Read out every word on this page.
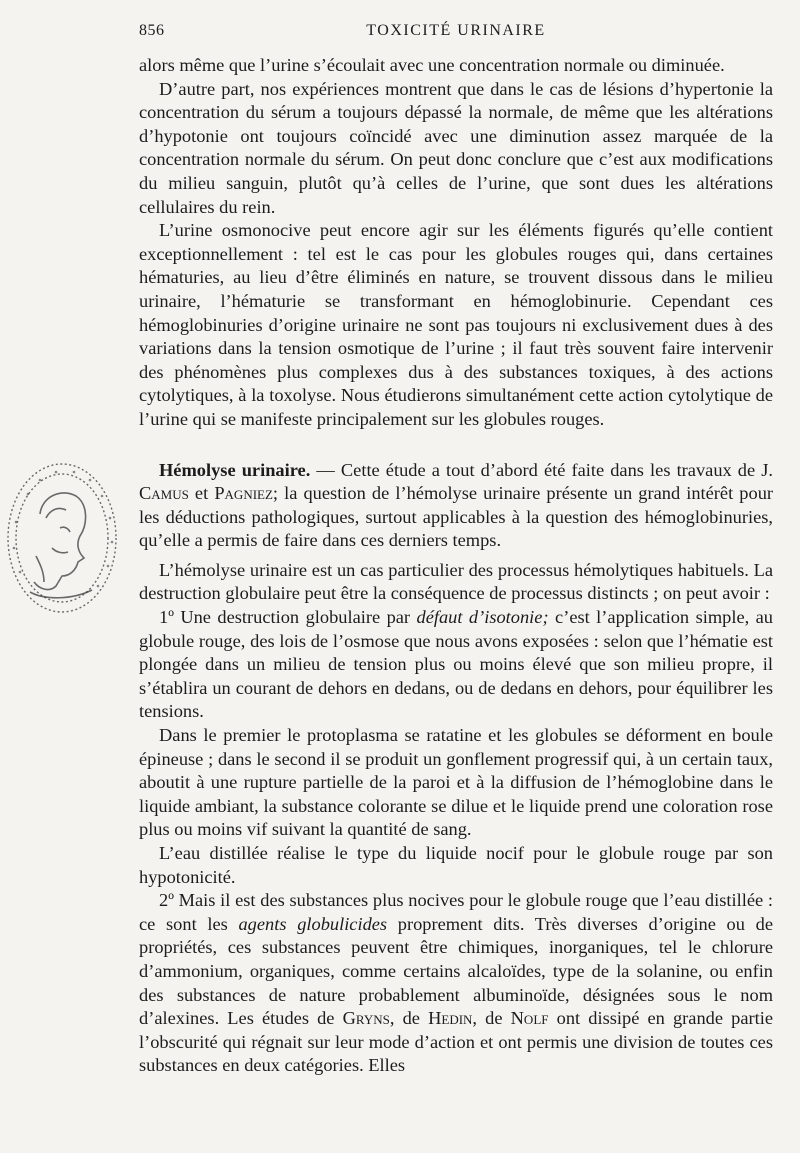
856	TOXICITÉ URINAIRE

alors même que l’urine s’écoulait avec une concentration normale ou diminuée.

D’autre part, nos expériences montrent que dans le cas de lésions d’hypertonie la concentration du sérum a toujours dépassé la normale, de même que les altérations d’hypotonie ont toujours coïncidé avec une diminution assez marquée de la concentration normale du sérum. On peut donc conclure que c’est aux modifications du milieu sanguin, plutôt qu’à celles de l’urine, que sont dues les altérations cellulaires du rein.

L’urine osmonocive peut encore agir sur les éléments figurés qu’elle contient exceptionnellement : tel est le cas pour les globules rouges qui, dans certaines hématuries, au lieu d’être éliminés en nature, se trouvent dissous dans le milieu urinaire, l’hématurie se transformant en hémoglobinurie. Cependant ces hémoglobinuries d’origine urinaire ne sont pas toujours ni exclusivement dues à des variations dans la tension osmotique de l’urine ; il faut très souvent faire intervenir des phénomènes plus complexes dus à des substances toxiques, à des actions cytolytiques, à la toxolyse. Nous étudierons simultanément cette action cytolytique de l’urine qui se manifeste principalement sur les globules rouges.

Hémolyse urinaire. — Cette étude a tout d’abord été faite dans les travaux de J. Camus et Pagniez; la question de l’hémolyse urinaire présente un grand intérêt pour les déductions pathologiques, surtout applicables à la question des hémoglobinuries, qu’elle a permis de faire dans ces derniers temps.

L’hémolyse urinaire est un cas particulier des processus hémolytiques habituels. La destruction globulaire peut être la conséquence de processus distincts ; on peut avoir :

1º Une destruction globulaire par défaut d’isotonie; c’est l’application simple, au globule rouge, des lois de l’osmose que nous avons exposées : selon que l’hématie est plongée dans un milieu de tension plus ou moins élevé que son milieu propre, il s’établira un courant de dehors en dedans, ou de dedans en dehors, pour équilibrer les tensions.

Dans le premier le protoplasma se ratatine et les globules se déforment en boule épineuse ; dans le second il se produit un gonflement progressif qui, à un certain taux, aboutit à une rupture partielle de la paroi et à la diffusion de l’hémoglobine dans le liquide ambiant, la substance colorante se dilue et le liquide prend une coloration rose plus ou moins vif suivant la quantité de sang.

L’eau distillée réalise le type du liquide nocif pour le globule rouge par son hypotonicité.

2º Mais il est des substances plus nocives pour le globule rouge que l’eau distillée : ce sont les agents globulicides proprement dits. Très diverses d’origine ou de propriétés, ces substances peuvent être chimiques, inorganiques, tel le chlorure d’ammonium, organiques, comme certains alcaloïdes, type de la solanine, ou enfin des substances de nature probablement albuminoïde, désignées sous le nom d’alexines. Les études de Gryns, de Hedin, de Nolf ont dissipé en grande partie l’obscurité qui régnait sur leur mode d’action et ont permis une division de toutes ces substances en deux catégories. Elles
